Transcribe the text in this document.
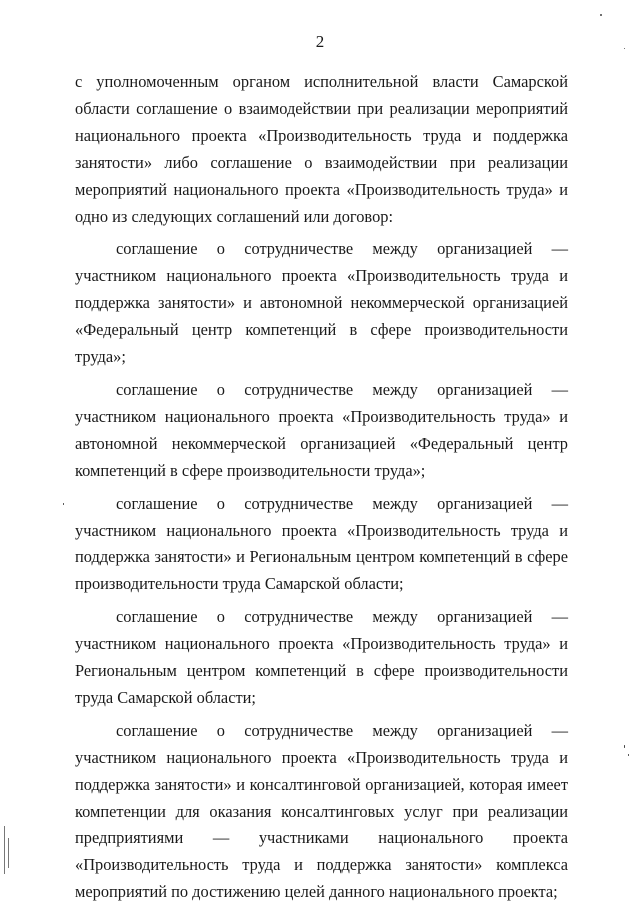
2

с уполномоченным органом исполнительной власти Самарской области соглашение о взаимодействии при реализации мероприятий национального проекта «Производительность труда и поддержка занятости» либо соглашение о взаимодействии при реализации мероприятий национального проекта «Производительность труда» и одно из следующих соглашений или договор:

соглашение о сотрудничестве между организацией — участником национального проекта «Производительность труда и поддержка занятости» и автономной некоммерческой организацией «Федеральный центр компетенций в сфере производительности труда»;

соглашение о сотрудничестве между организацией — участником национального проекта «Производительность труда» и автономной некоммерческой организацией «Федеральный центр компетенций в сфере производительности труда»;

соглашение о сотрудничестве между организацией — участником национального проекта «Производительность труда и поддержка занятости» и Региональным центром компетенций в сфере производительности труда Самарской области;

соглашение о сотрудничестве между организацией — участником национального проекта «Производительность труда» и Региональным центром компетенций в сфере производительности труда Самарской области;

соглашение о сотрудничестве между организацией — участником национального проекта «Производительность труда и поддержка занятости» и консалтинговой организацией, которая имеет компетенции для оказания консалтинговых услуг при реализации предприятиями — участниками национального проекта «Производительность труда и поддержка занятости» комплекса мероприятий по достижению целей данного национального проекта;
